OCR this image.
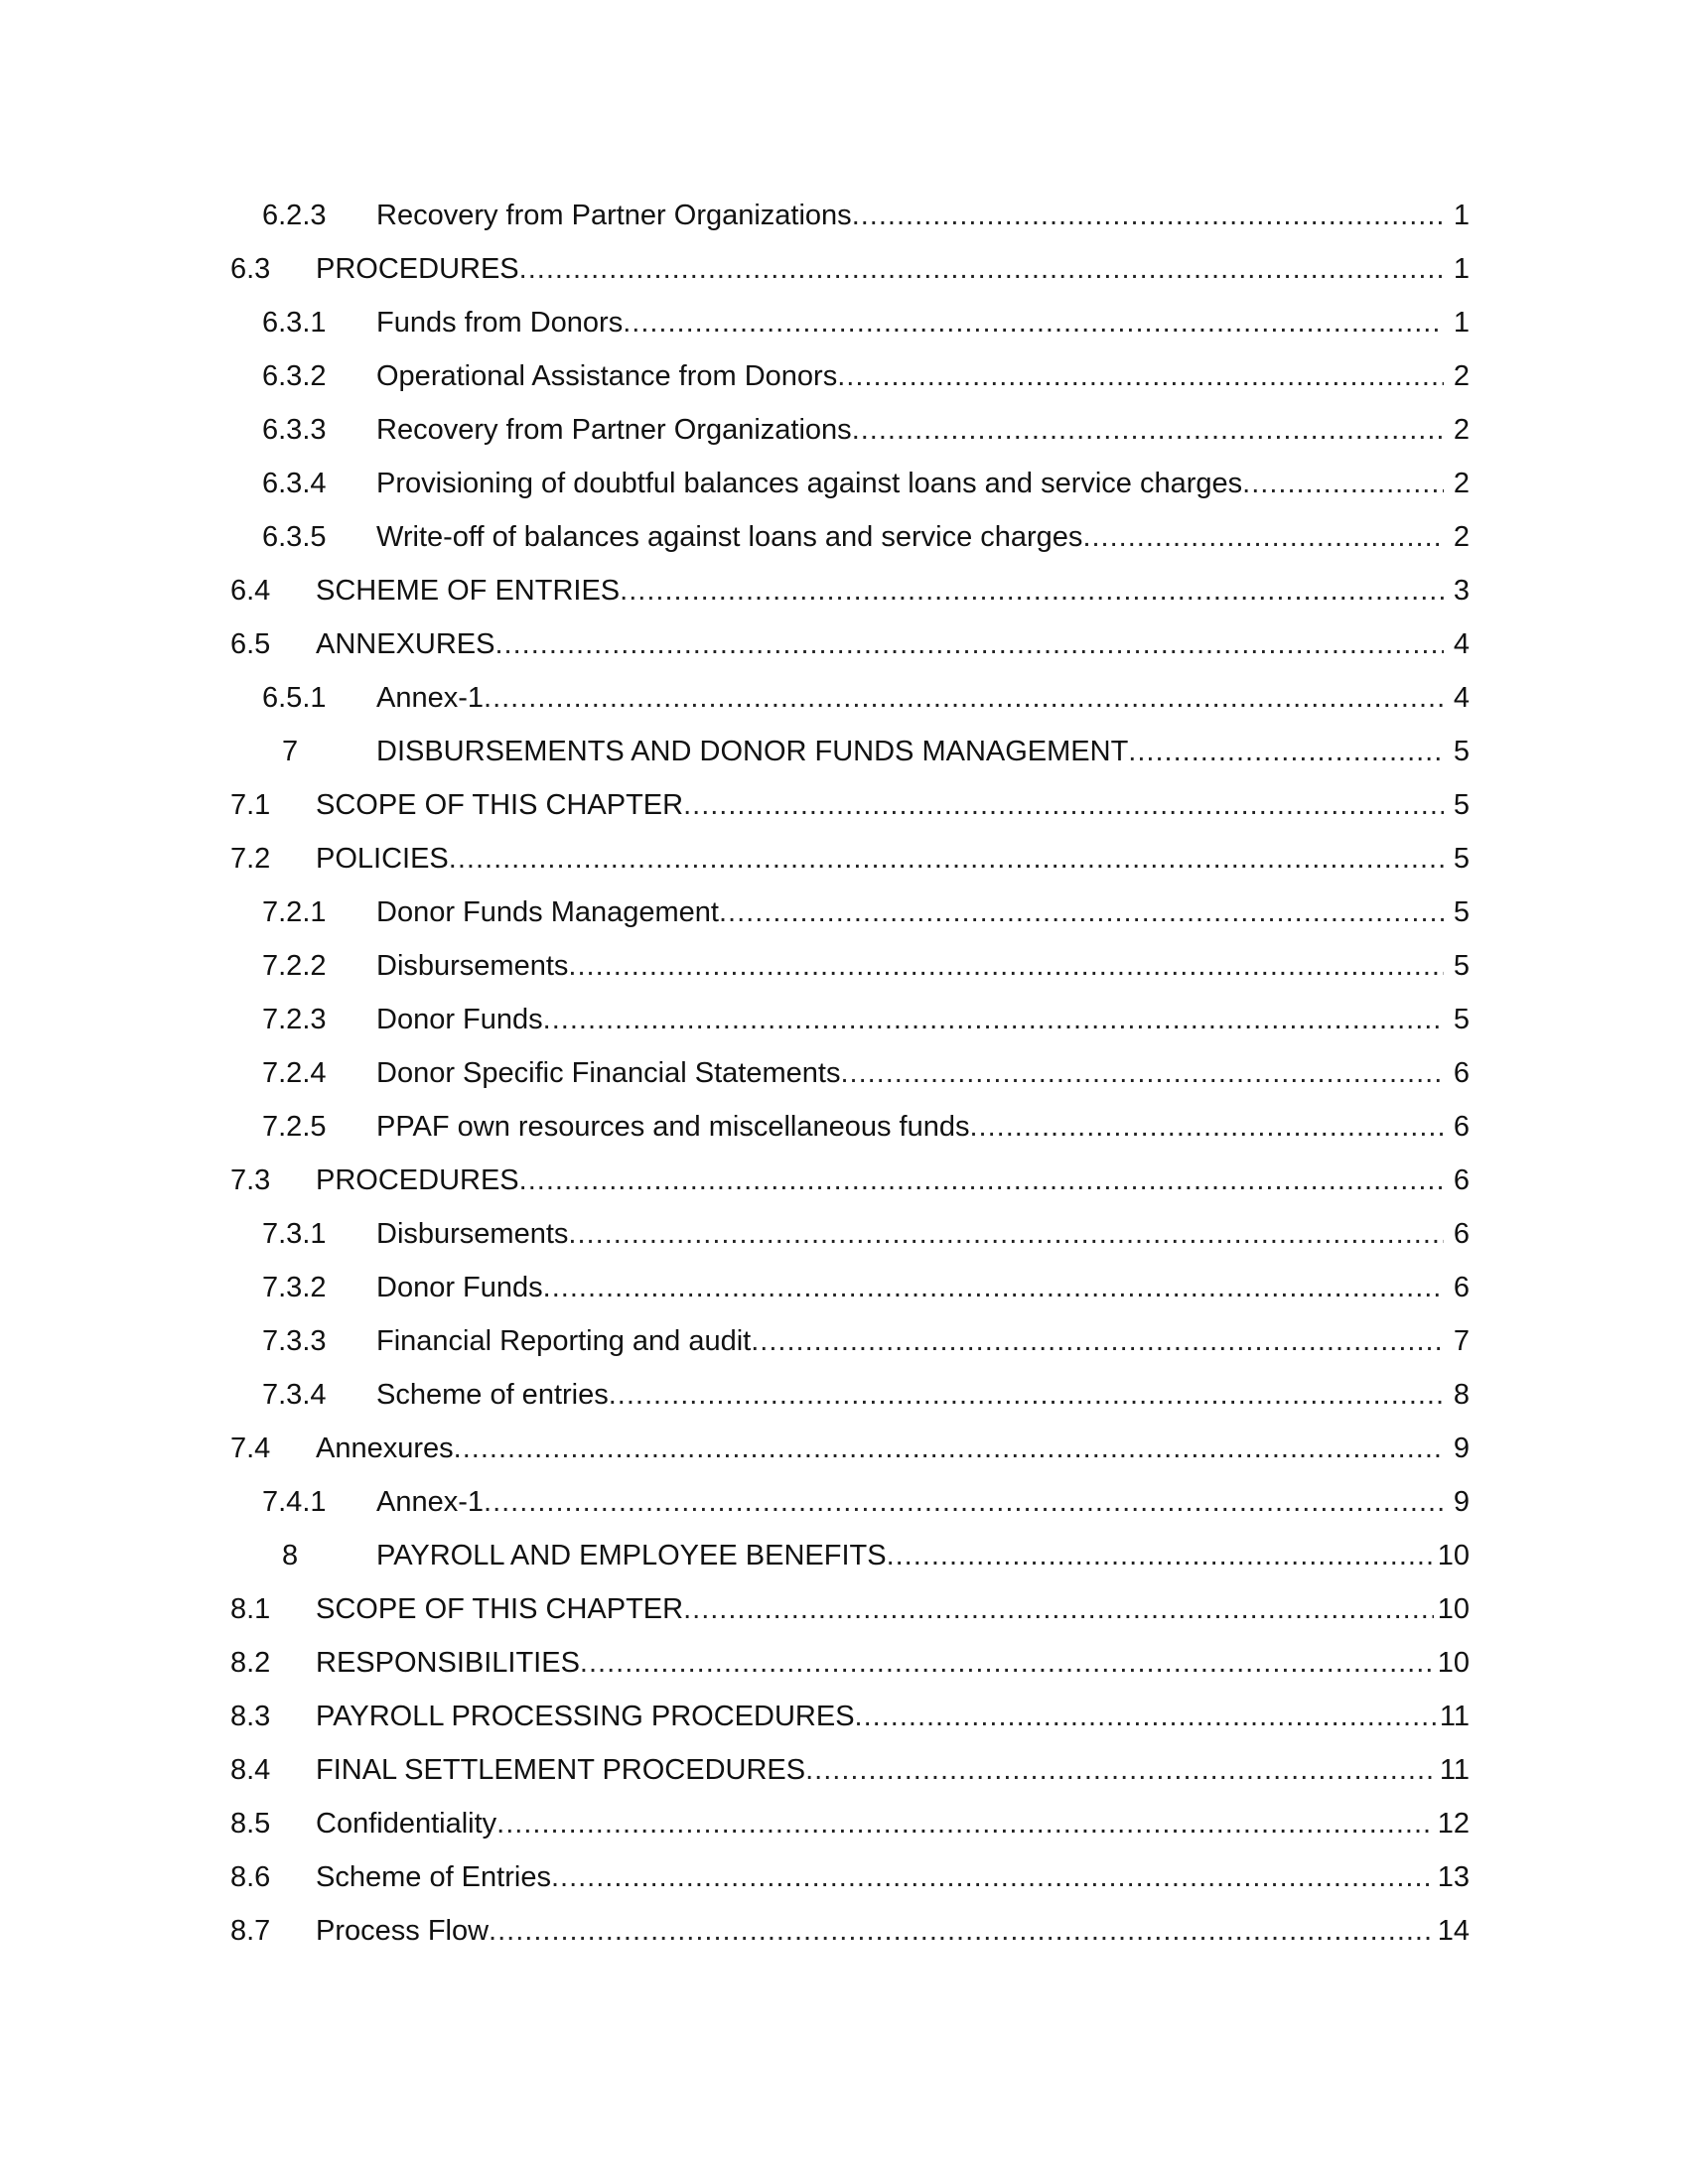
6.2.3 Recovery from Partner Organizations .....	1
6.3 PROCEDURES .....	1
6.3.1 Funds from Donors .....	1
6.3.2 Operational Assistance from Donors .....	2
6.3.3 Recovery from Partner Organizations .....	2
6.3.4 Provisioning of doubtful balances against loans and service charges .....	2
6.3.5 Write-off of balances against loans and service charges .....	2
6.4 SCHEME OF ENTRIES .....	3
6.5 ANNEXURES .....	4
6.5.1 Annex-1 .....	4
7	DISBURSEMENTS AND DONOR FUNDS MANAGEMENT .....	5
7.1 SCOPE OF THIS CHAPTER .....	5
7.2 POLICIES .....	5
7.2.1 Donor Funds Management .....	5
7.2.2 Disbursements .....	5
7.2.3 Donor Funds .....	5
7.2.4 Donor Specific Financial Statements .....	6
7.2.5 PPAF own resources and miscellaneous funds .....	6
7.3 PROCEDURES .....	6
7.3.1 Disbursements .....	6
7.3.2 Donor Funds .....	6
7.3.3 Financial Reporting and audit .....	7
7.3.4 Scheme of entries .....	8
7.4 Annexures .....	9
7.4.1 Annex-1 .....	9
8	PAYROLL AND EMPLOYEE BENEFITS .....	10
8.1 SCOPE OF THIS CHAPTER .....	10
8.2 RESPONSIBILITIES .....	10
8.3 PAYROLL PROCESSING PROCEDURES .....	11
8.4 FINAL SETTLEMENT PROCEDURES .....	11
8.5 Confidentiality .....	12
8.6 Scheme of Entries .....	13
8.7 Process Flow .....	14
